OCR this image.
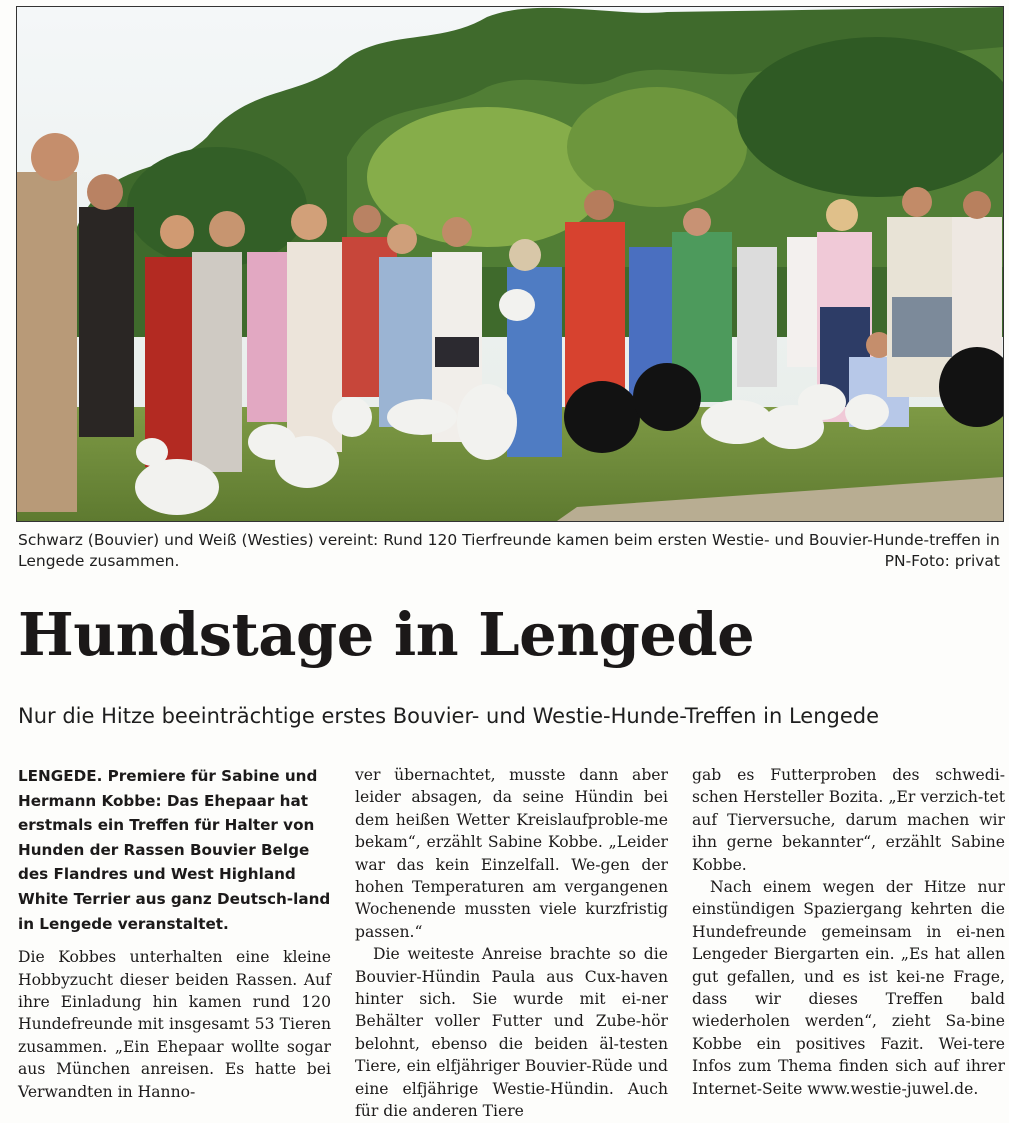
Schwarz (Bouvier) und Weiß (Westies) vereint: Rund 120 Tierfreunde kamen beim ersten Westie- und Bouvier-Hunde-treffen in Lengede zusammen.	PN-Foto: privat
Hundstage in Lengede
Nur die Hitze beeinträchtige erstes Bouvier- und Westie-Hunde-Treffen in Lengede

LENGEDE. Premiere für Sabine und Hermann Kobbe: Das Ehepaar hat erstmals ein Treffen für Halter von Hunden der Rassen Bouvier Belge des Flandres und West Highland White Terrier aus ganz Deutsch-land in Lengede veranstaltet.

Die Kobbes unterhalten eine kleine Hobbyzucht dieser beiden Rassen. Auf ihre Einladung hin kamen rund 120 Hundefreunde mit insgesamt 53 Tieren zusammen. „Ein Ehepaar wollte sogar aus München anreisen. Es hatte bei Verwandten in Hanno-

ver übernachtet, musste dann aber leider absagen, da seine Hündin bei dem heißen Wetter Kreislaufproble-me bekam“, erzählt Sabine Kobbe. „Leider war das kein Einzelfall. We-gen der hohen Temperaturen am vergangenen Wochenende mussten viele kurzfristig passen.“

Die weiteste Anreise brachte so die Bouvier-Hündin Paula aus Cux-haven hinter sich. Sie wurde mit ei-ner Behälter voller Futter und Zube-hör belohnt, ebenso die beiden äl-testen Tiere, ein elfjähriger Bouvier-Rüde und eine elfjährige Westie-Hündin. Auch für die anderen Tiere

gab es Futterproben des schwedi-schen Hersteller Bozita. „Er verzich-tet auf Tierversuche, darum machen wir ihn gerne bekannter“, erzählt Sabine Kobbe.

Nach einem wegen der Hitze nur einstündigen Spaziergang kehrten die Hundefreunde gemeinsam in ei-nen Lengeder Biergarten ein. „Es hat allen gut gefallen, und es ist kei-ne Frage, dass wir dieses Treffen bald wiederholen werden“, zieht Sa-bine Kobbe ein positives Fazit. Wei-tere Infos zum Thema finden sich auf ihrer Internet-Seite www.westie-juwel.de.
